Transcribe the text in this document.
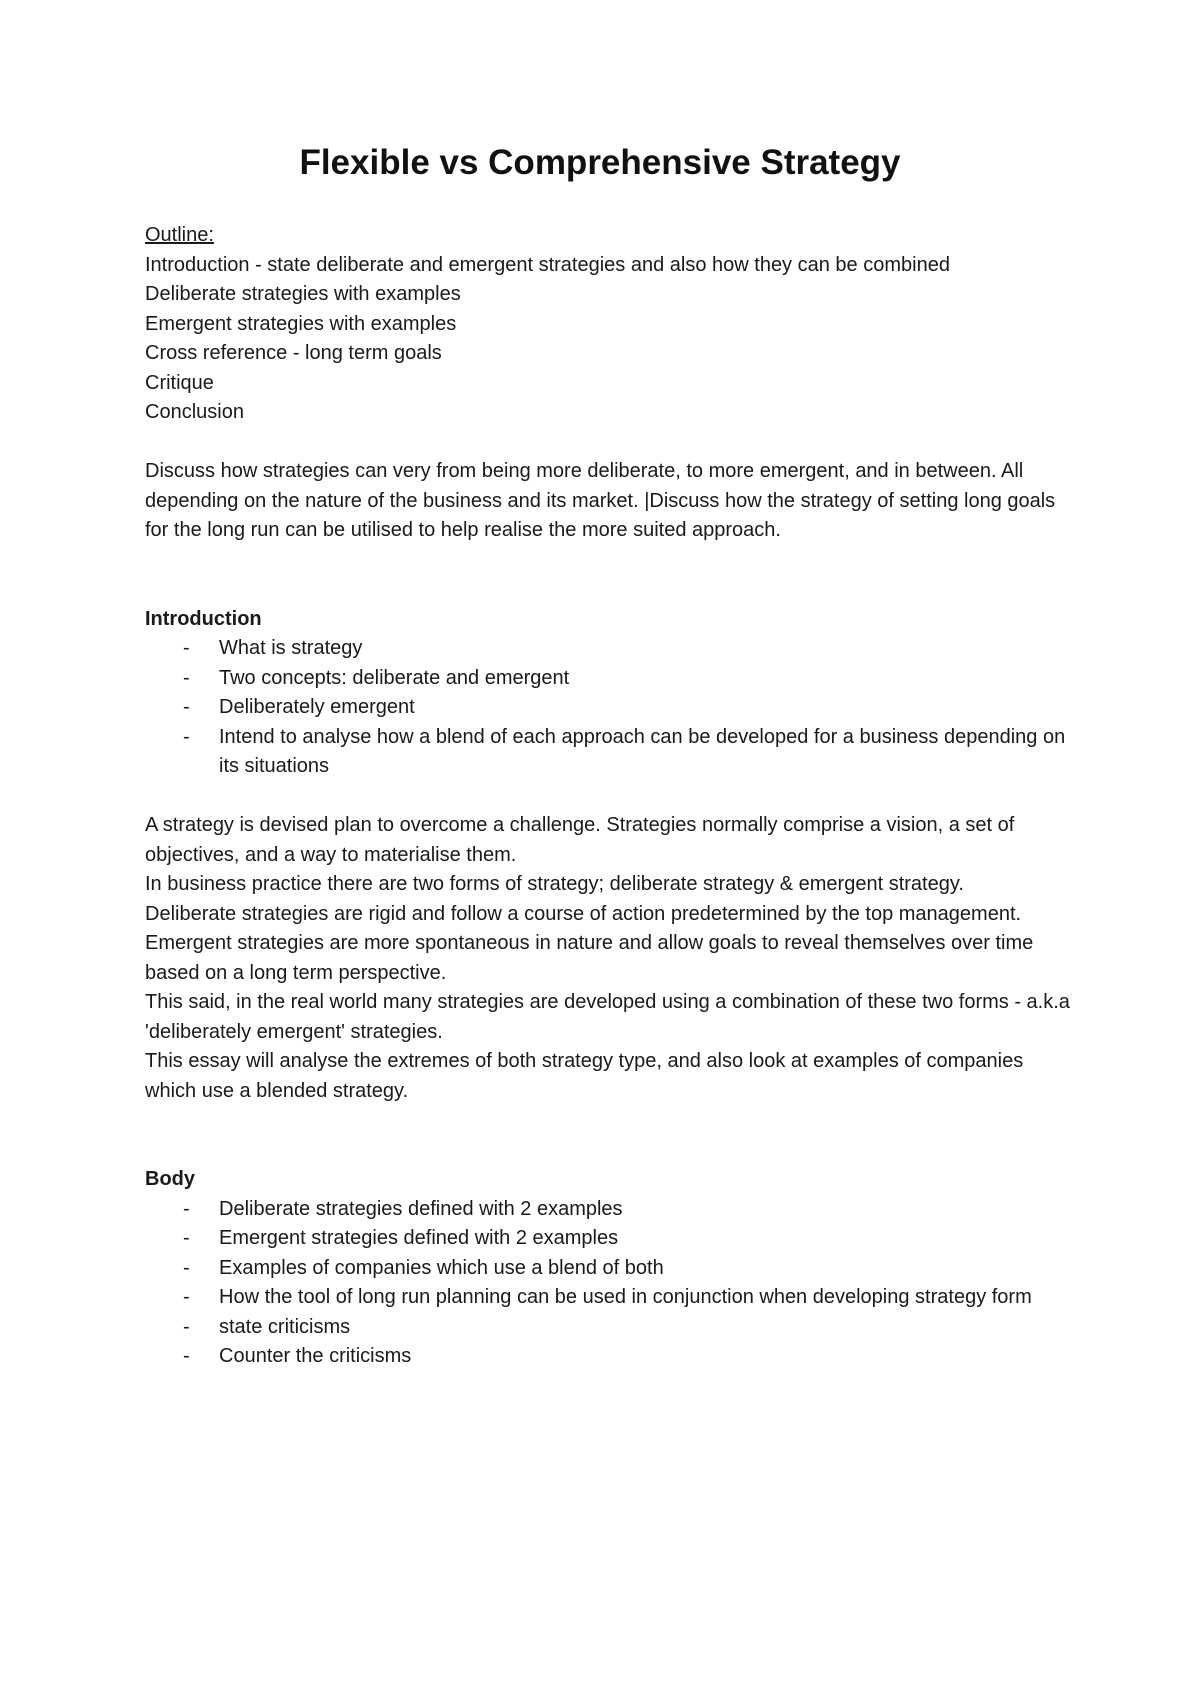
Flexible vs Comprehensive Strategy

Outline:

Introduction - state deliberate and emergent strategies and also how they can be combined

Deliberate strategies with examples

Emergent strategies with examples

Cross reference - long term goals

Critique

Conclusion

Discuss how strategies can very from being more deliberate, to more emergent, and in between. All depending on the nature of the business and its market. |Discuss how the strategy of setting long goals for the long run can be utilised to help realise the more suited approach.

Introduction

- What is strategy
- Two concepts: deliberate and emergent
- Deliberately emergent
- Intend to analyse how a blend of each approach can be developed for a business depending on its situations

A strategy is devised plan to overcome a challenge. Strategies normally comprise a vision, a set of objectives, and a way to materialise them.

In business practice there are two forms of strategy; deliberate strategy & emergent strategy.

Deliberate strategies are rigid and follow a course of action predetermined by the top management.

Emergent strategies are more spontaneous in nature and allow goals to reveal themselves over time based on a long term perspective.

This said, in the real world many strategies are developed using a combination of these two forms - a.k.a 'deliberately emergent' strategies.

This essay will analyse the extremes of both strategy type, and also look at examples of companies which use a blended strategy.

Body

- Deliberate strategies defined with 2 examples
- Emergent strategies defined with 2 examples
- Examples of companies which use a blend of both
- How the tool of long run planning can be used in conjunction when developing strategy form
- state criticisms
- Counter the criticisms
